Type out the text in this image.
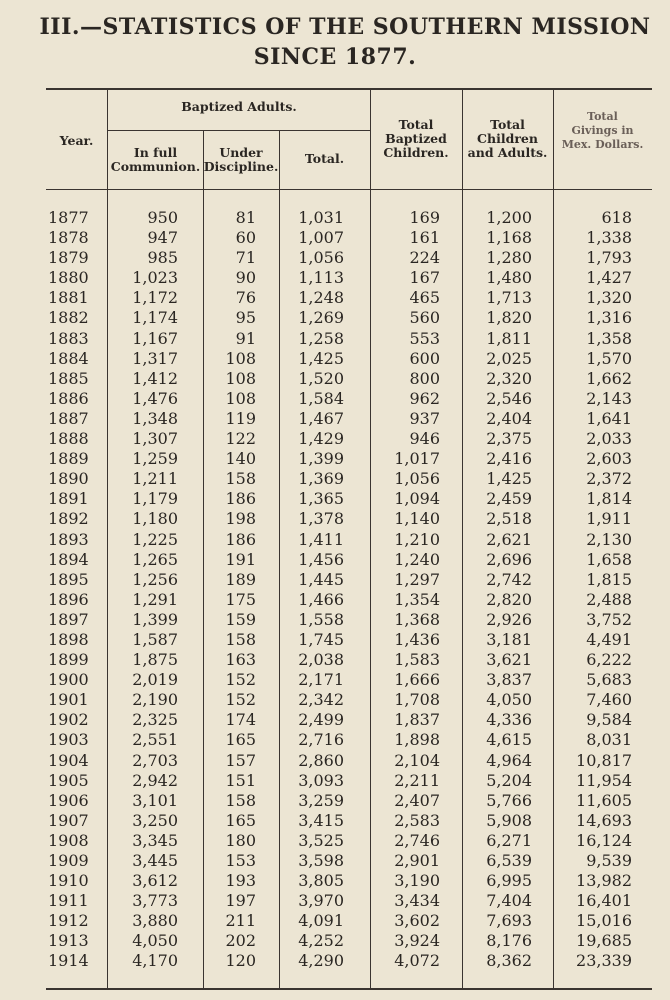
III.—STATISTICS OF THE SOUTHERN MISSION
SINCE 1877.
Year.
Baptized Adults.
In full
Communion.
Under
Discipline.
Total.
Total
Baptized
Children.
Total
Children
and Adults.
Total
Givings in
Mex. Dollars.
1877	950	81	1,031	169	1,200	618
1878	947	60	1,007	161	1,168	1,338
1879	985	71	1,056	224	1,280	1,793
1880	1,023	90	1,113	167	1,480	1,427
1881	1,172	76	1,248	465	1,713	1,320
1882	1,174	95	1,269	560	1,820	1,316
1883	1,167	91	1,258	553	1,811	1,358
1884	1,317	108	1,425	600	2,025	1,570
1885	1,412	108	1,520	800	2,320	1,662
1886	1,476	108	1,584	962	2,546	2,143
1887	1,348	119	1,467	937	2,404	1,641
1888	1,307	122	1,429	946	2,375	2,033
1889	1,259	140	1,399	1,017	2,416	2,603
1890	1,211	158	1,369	1,056	1,425	2,372
1891	1,179	186	1,365	1,094	2,459	1,814
1892	1,180	198	1,378	1,140	2,518	1,911
1893	1,225	186	1,411	1,210	2,621	2,130
1894	1,265	191	1,456	1,240	2,696	1,658
1895	1,256	189	1,445	1,297	2,742	1,815
1896	1,291	175	1,466	1,354	2,820	2,488
1897	1,399	159	1,558	1,368	2,926	3,752
1898	1,587	158	1,745	1,436	3,181	4,491
1899	1,875	163	2,038	1,583	3,621	6,222
1900	2,019	152	2,171	1,666	3,837	5,683
1901	2,190	152	2,342	1,708	4,050	7,460
1902	2,325	174	2,499	1,837	4,336	9,584
1903	2,551	165	2,716	1,898	4,615	8,031
1904	2,703	157	2,860	2,104	4,964	10,817
1905	2,942	151	3,093	2,211	5,204	11,954
1906	3,101	158	3,259	2,407	5,766	11,605
1907	3,250	165	3,415	2,583	5,908	14,693
1908	3,345	180	3,525	2,746	6,271	16,124
1909	3,445	153	3,598	2,901	6,539	9,539
1910	3,612	193	3,805	3,190	6,995	13,982
1911	3,773	197	3,970	3,434	7,404	16,401
1912	3,880	211	4,091	3,602	7,693	15,016
1913	4,050	202	4,252	3,924	8,176	19,685
1914	4,170	120	4,290	4,072	8,362	23,339
